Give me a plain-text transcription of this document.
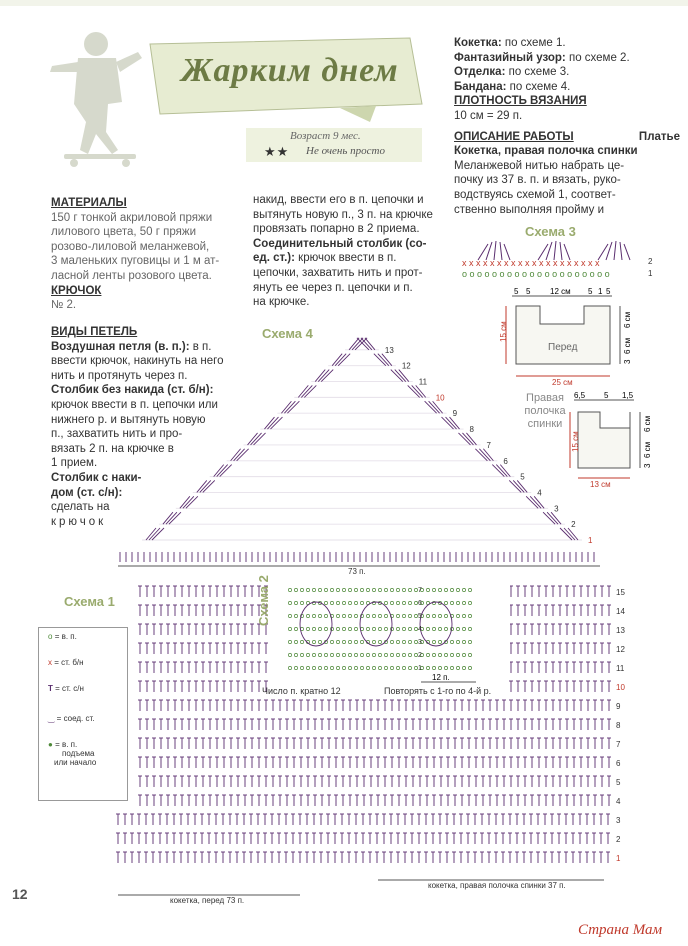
Жарким днем
Возраст 9 мес.
★★ Не очень просто
МАТЕРИАЛЫ
150 г тонкой акриловой пряжи
лилового цвета, 50 г пряжи
розово-лиловой меланжевой,
3 маленьких пуговицы и 1 м ат-
ласной ленты розового цвета.
КРЮЧОК
№ 2.
ВИДЫ ПЕТЕЛЬ
Воздушная петля (в. п.): в п.
ввести крючок, накинуть на него
нить и протянуть через п.
Столбик без накида (ст. б/н):
крючок ввести в п. цепочки или
нижнего р. и вытянуть новую
п., захватить нить и про-
вязать 2 п. на крючке в
1 прием.
Столбик с наки-
дом (ст. с/н):
сделать на
крючок
накид, ввести его в п. цепочки и
вытянуть новую п., 3 п. на крючке
провязать попарно в 2 приема.
Соединительный столбик (со-
ед. ст.): крючок ввести в п.
цепочки, захватить нить и прот-
януть ее через п. цепочки и п.
на крючке.
Кокетка: по схеме 1.
Фантазийный узор: по схеме 2.
Отделка: по схеме 3.
Бандана: по схеме 4.
ПЛОТНОСТЬ ВЯЗАНИЯ
10 см = 29 п.
ОПИСАНИЕ РАБОТЫ	Платье
Кокетка, правая полочка спинки
Меланжевой нитью набрать це-
почку из 37 в. п. и вязать, руко-
водствуясь схемой 1, соответ-
ственно выполняя пройму и
Схема 3
x x x x x x x x x x x x x x x x x x x x
o o o o o o o o o o o o o o o o o o o o
2
1
5 5 12 см 5 1 5
Перед
15 см
25 см
3
6 см
6 см
Правая
полочка
спинки
6,5 5 1,5
15 см
13 см
3
6 см
6 см
Схема 4
13
12
11
10
9
8
7
6
5
4
3
2
1
73 п.
Схема 1
15
14
13
12
11
10
9
8
7
6
5
4
3
2
1
кокетка, перед 73 п.
кокетка, правая полочка спинки 37 п.
Схема 2	7
6
5
4
3
2
1
12 п.
Число п. кратно 12	Повторять с 1-го по 4-й р.
o = в. п.
x = ст. б/н
T = ст. с/н
‿ = соед. ст.
● = в. п.
подъема
или начало
12
Страна Мам
